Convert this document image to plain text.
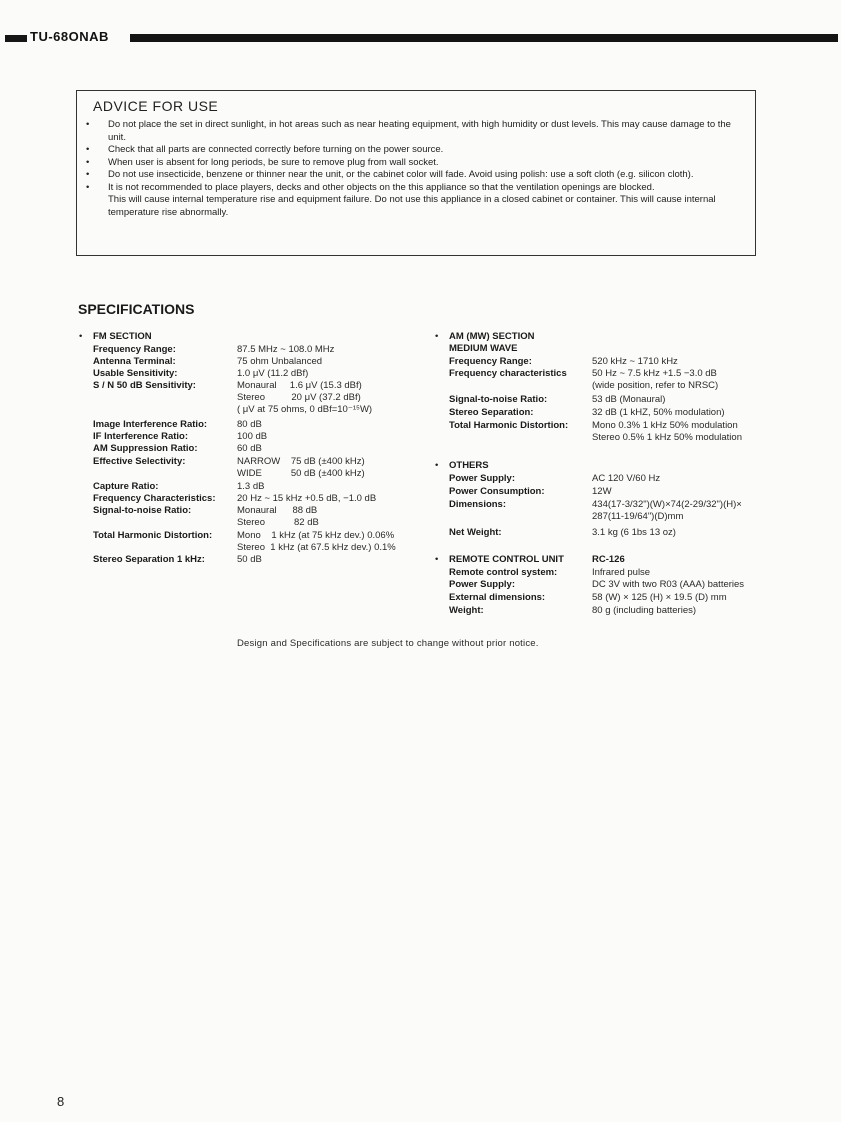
TU-68ONAB
ADVICE FOR USE
• Do not place the set in direct sunlight, in hot areas such as near heating equipment, with high humidity or dust levels. This may cause damage to the unit.
• Check that all parts are connected correctly before turning on the power source.
• When user is absent for long periods, be sure to remove plug from wall socket.
• Do not use insecticide, benzene or thinner near the unit, or the cabinet color will fade. Avoid using polish: use a soft cloth (e.g. silicon cloth).
• It is not recommended to place players, decks and other objects on the this appliance so that the ventilation openings are blocked.
This will cause internal temperature rise and equipment failure. Do not use this appliance in a closed cabinet or container. This will cause internal temperature rise abnormally.
SPECIFICATIONS
• FM SECTION
Frequency Range:	87.5 MHz ~ 108.0 MHz
Antenna Terminal:	75 ohm Unbalanced
Usable Sensitivity:	1.0 μV (11.2 dBf)
S / N 50 dB Sensitivity:	Monaural     1.6 μV (15.3 dBf)
Stereo          20 μV (37.2 dBf)
( μV at 75 ohms, 0 dBf=10⁻¹⁵W)
Image Interference Ratio:	80 dB
IF Interference Ratio:	100 dB
AM Suppression Ratio:	60 dB
Effective Selectivity:	NARROW    75 dB (±400 kHz)
WIDE           50 dB (±400 kHz)
Capture Ratio:	1.3 dB
Frequency Characteristics: 20 Hz ~ 15 kHz +0.5 dB, −1.0 dB
Signal-to-noise Ratio:	Monaural      88 dB
Stereo           82 dB
Total Harmonic Distortion:	Mono    1 kHz (at 75 kHz dev.) 0.06%
Stereo  1 kHz (at 67.5 kHz dev.) 0.1%
Stereo Separation 1 kHz:	50 dB
• AM (MW) SECTION
MEDIUM WAVE
Frequency Range:	520 kHz ~ 1710 kHz
Frequency characteristics	50 Hz ~ 7.5 kHz +1.5 −3.0 dB
(wide position, refer to NRSC)
Signal-to-noise Ratio:	53 dB (Monaural)
Stereo Separation:	32 dB (1 kHZ, 50% modulation)
Total Harmonic Distortion:	Mono 0.3% 1 kHz 50% modulation
Stereo 0.5% 1 kHz 50% modulation
• OTHERS
Power Supply:	AC 120 V/60 Hz
Power Consumption:	12W
Dimensions:	434(17-3/32")(W)×74(2-29/32")(H)×
287(11-19/64")(D)mm
Net Weight:	3.1 kg (6 1bs 13 oz)
• REMOTE CONTROL UNIT	RC-126
Remote control system:	Infrared pulse
Power Supply:	DC 3V with two R03 (AAA) batteries
External dimensions:	58 (W) × 125 (H) × 19.5 (D) mm
Weight:	80 g (including batteries)
Design and Specifications are subject to change without prior notice.
8
